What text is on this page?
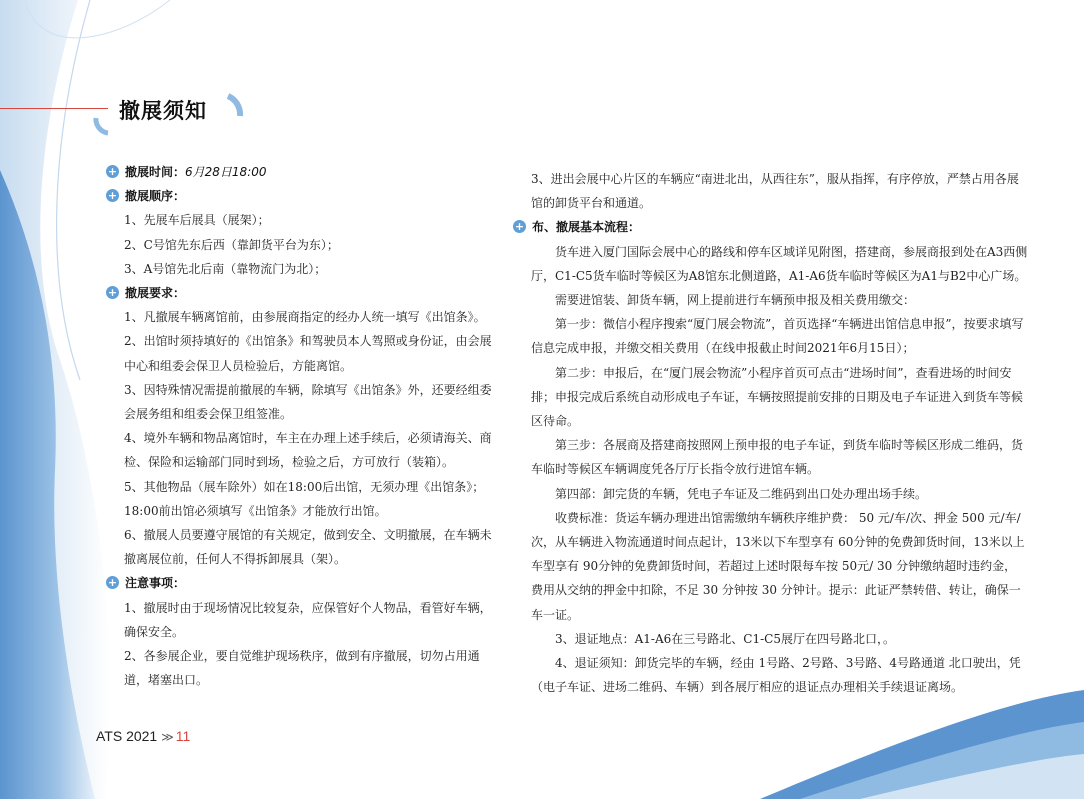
撤展须知
+ 撤展时间：6月28日18:00
+ 撤展顺序：
1、先展车后展具（展架）；
2、C号馆先东后西（靠卸货平台为东）；
3、A号馆先北后南（靠物流门为北）；
+ 撤展要求：
1、凡撤展车辆离馆前，由参展商指定的经办人统一填写《出馆条》。
2、出馆时须持填好的《出馆条》和驾驶员本人驾照或身份证，由会展中心和组委会保卫人员检验后，方能离馆。
3、因特殊情况需提前撤展的车辆，除填写《出馆条》外，还要经组委会展务组和组委会保卫组签准。
4、境外车辆和物品离馆时，车主在办理上述手续后，必须请海关、商检、保险和运输部门同时到场，检验之后，方可放行（装箱）。
5、其他物品（展车除外）如在18:00后出馆，无须办理《出馆条》；18:00前出馆必须填写《出馆条》才能放行出馆。
6、撤展人员要遵守展馆的有关规定，做到安全、文明撤展，在车辆未撤离展位前，任何人不得拆卸展具（架）。
+ 注意事项：
1、撤展时由于现场情况比较复杂，应保管好个人物品，看管好车辆，确保安全。
2、各参展企业，要自觉维护现场秩序，做到有序撤展，切勿占用通道，堵塞出口。
3、进出会展中心片区的车辆应“南进北出，从西往东”，服从指挥，有序停放，严禁占用各展馆的卸货平台和通道。
+ 布、撤展基本流程：
货车进入厦门国际会展中心的路线和停车区域详见附图，搭建商，参展商报到处在A3西侧厅，C1-C5货车临时等候区为A8馆东北侧道路，A1-A6货车临时等候区为A1与B2中心广场。
需要进馆装、卸货车辆，网上提前进行车辆预申报及相关费用缴交：
第一步：微信小程序搜索“厦门展会物流”，首页选择“车辆进出馆信息申报”，按要求填写信息完成申报，并缴交相关费用（在线申报截止时间2021年6月15日）；
第二步：申报后，在“厦门展会物流”小程序首页可点击“进场时间”，查看进场的时间安排；申报完成后系统自动形成电子车证，车辆按照提前安排的日期及电子车证进入到货车等候区待命。
第三步：各展商及搭建商按照网上预申报的电子车证，到货车临时等候区形成二维码，货车临时等候区车辆调度凭各厅厅长指令放行进馆车辆。
第四部：卸完货的车辆，凭电子车证及二维码到出口处办理出场手续。
收费标准：货运车辆办理进出馆需缴纳车辆秩序维护费： 50 元/车/次、押金 500 元/车/次，从车辆进入物流通道时间点起计，13米以下车型享有 60分钟的免费卸货时间，13米以上车型享有 90分钟的免费卸货时间，若超过上述时限每车按 50元/ 30 分钟缴纳超时违约金，费用从交纳的押金中扣除，不足 30 分钟按 30 分钟计。提示：此证严禁转借、转让，确保一车一证。
3、退证地点：A1-A6在三号路北、C1-C5展厅在四号路北口，。
4、退证须知：卸货完毕的车辆，经由 1号路、2号路、3号路、4号路通道 北口驶出，凭（电子车证、进场二维码、车辆）到各展厅相应的退证点办理相关手续退证离场。
ATS 2021 ≫ 11
